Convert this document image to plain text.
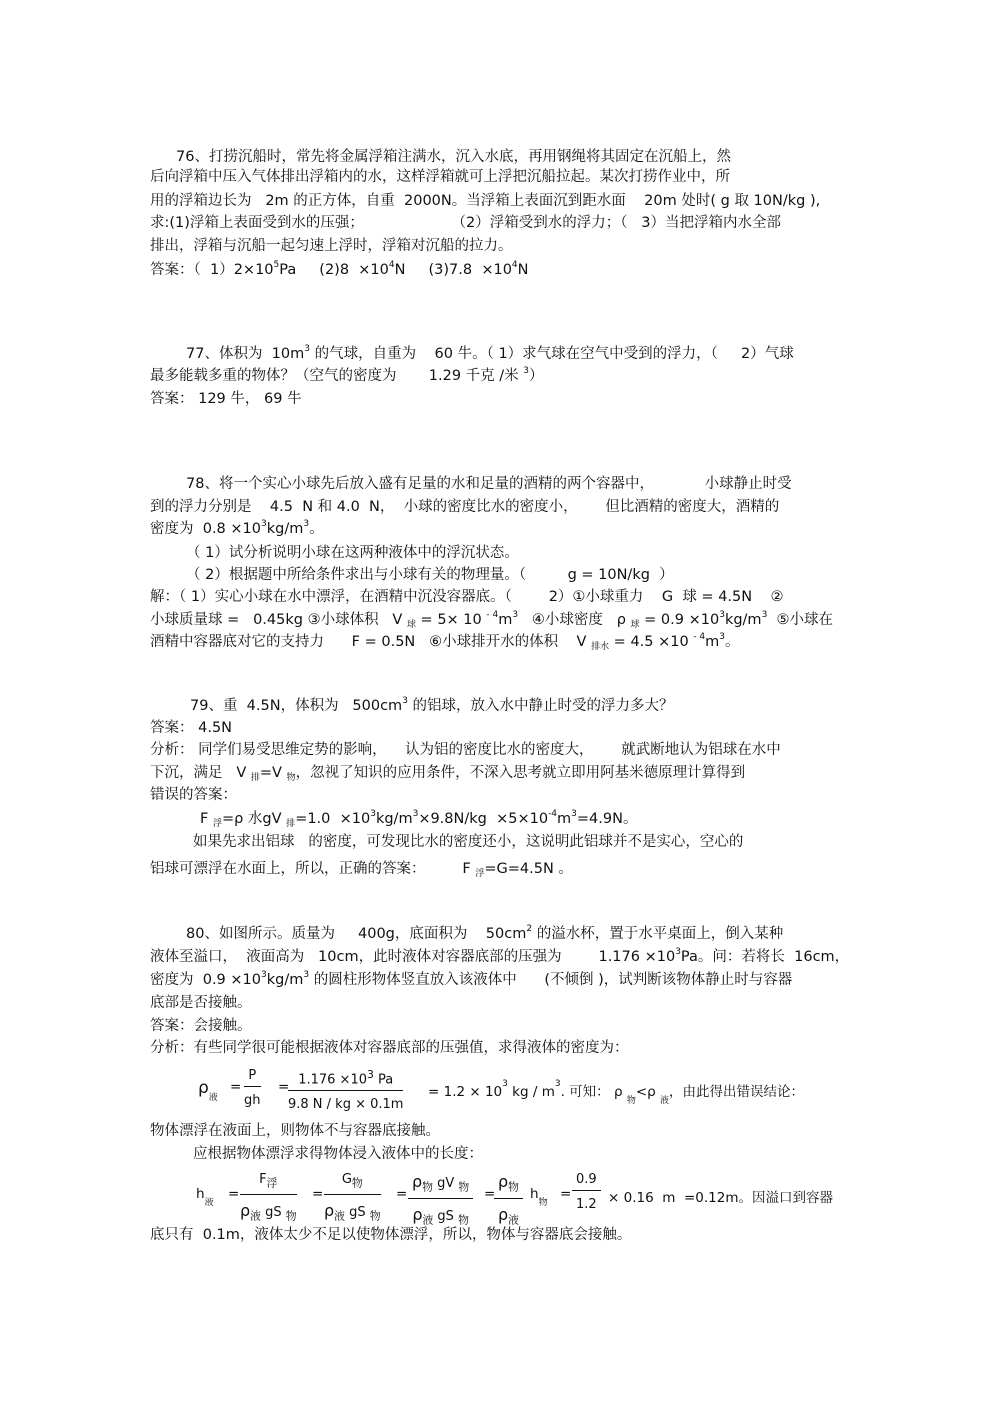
76、打捞沉船时，常先将金属浮箱注满水，沉入水底，再用钢绳将其固定在沉船上，然
后向浮箱中压入气体排出浮箱内的水，这样浮箱就可上浮把沉船拉起。某次打捞作业中，所
用的浮箱边长为   2m 的正方体，自重  2000N。当浮箱上表面沉到距水面    20m 处时( g 取 10N/kg ),
求:(1)浮箱上表面受到水的压强；                   （2）浮箱受到水的浮力；（   3）当把浮箱内水全部
排出，浮箱与沉船一起匀速上浮时，浮箱对沉船的拉力。
答案：（  $1)2\times 10^5Pa$     $(2)8 \times 10^4N$     $(3)7.8 \times 10^4N$
77、体积为  $10m^3$ 的气球，自重为    60 牛。（ 1）求气球在空气中受到的浮力，（     2）气球
最多能载多重的物体？（空气的密度为       1.29 千克 /米 $^3$）
答案： 129 牛， 69 牛
78、将一个实心小球先后放入盛有足量的水和足量的酒精的两个容器中，           小球静止时受
到的浮力分别是    4.5  N 和 4.0  N，  小球的密度比水的密度小，      但比酒精的密度大，酒精的
密度为  $0.8 \times 10^3kg/m^3$。
（ 1）试分析说明小球在这两种液体中的浮沉状态。
（ 2）根据题中所给条件求出与小球有关的物理量。（         g = 10N/kg  ）
解：（ 1）实心小球在水中漂浮，在酒精中沉没容器底。（        2）①小球重力    G  球 = 4.5N    ②
小球质量球 =   0.45kg ③小球体积   V $_球$ = 5× 10 $^{- 4}m^3$   ④小球密度   ρ $_球 = 0.9 \times 10^3kg/m^3$  ⑤小球在
酒精中容器底对它的支持力      F = 0.5N   ⑥小球排开水的体积    V $_{排水}$ = 4.5 ×10 $^{- 4}m^3$。
79、重  4.5N，体积为   $500cm^3$ 的铝球，放入水中静止时受的浮力多大？
答案： 4.5N
分析： 同学们易受思维定势的影响，    认为铝的密度比水的密度大，      就武断地认为铝球在水中
下沉，满足   V $_排$=V $_物$，忽视了知识的应用条件，不深入思考就立即用阿基米德原理计算得到
错误的答案：
F $_浮$=ρ 水gV $_排=1.0 \times 10^3kg/m^3\times 9.8N/kg \times 5\times 10^{-4}m^3=4.9N$。
如果先求出铝球   的密度，可发现比水的密度还小，这说明此铝球并不是实心，空心的
铝球可漂浮在水面上，所以，正确的答案：        F $_浮$=G=4.5N 。
80、如图所示。质量为     400g，底面积为    $50cm^2$ 的溢水杯，置于水平桌面上，倒入某种
液体至溢口，  液面高为   10cm，此时液体对容器底部的压强为        $1.176 \times 10^3Pa$。问：若将长  16cm，
密度为  $0.9 \times 10^3kg/m^3$ 的圆柱形物体竖直放入该液体中      (不倾倒 )，试判断该物体静止时与容器
底部是否接触。
答案：会接触。
分析：有些同学很可能根据液体对容器底部的压强值，求得液体的密度为：
$\rho_液$
= $\frac{P}{gh}$ =
$\frac{1.176 \times 10^3 Pa}{9.8 N / kg \times 0.1m} = 1.2 \times 10^3$ kg / $m^3$. 可知： ρ $_物$<ρ $_液$，由此得出错误结论：
物体漂浮在液面上，则物体不与容器底接触。
应根据物体漂浮求得物体浸入液体中的长度：
$h_液$
=
$F_浮$
$\rho_液$ gS $_物$
=
$G_物$
$\rho_液$ gS $_物$
=
$\rho_物$ gV $_物$
$\rho_液$ gS $_物$
=
$\rho_物$
$\rho_液$
$h_物$
= $\frac{0.9}{1.2} \times 0.16$  m  =0.12m。因溢口到容器
底只有  0.1m，液体太少不足以使物体漂浮，所以，物体与容器底会接触。
